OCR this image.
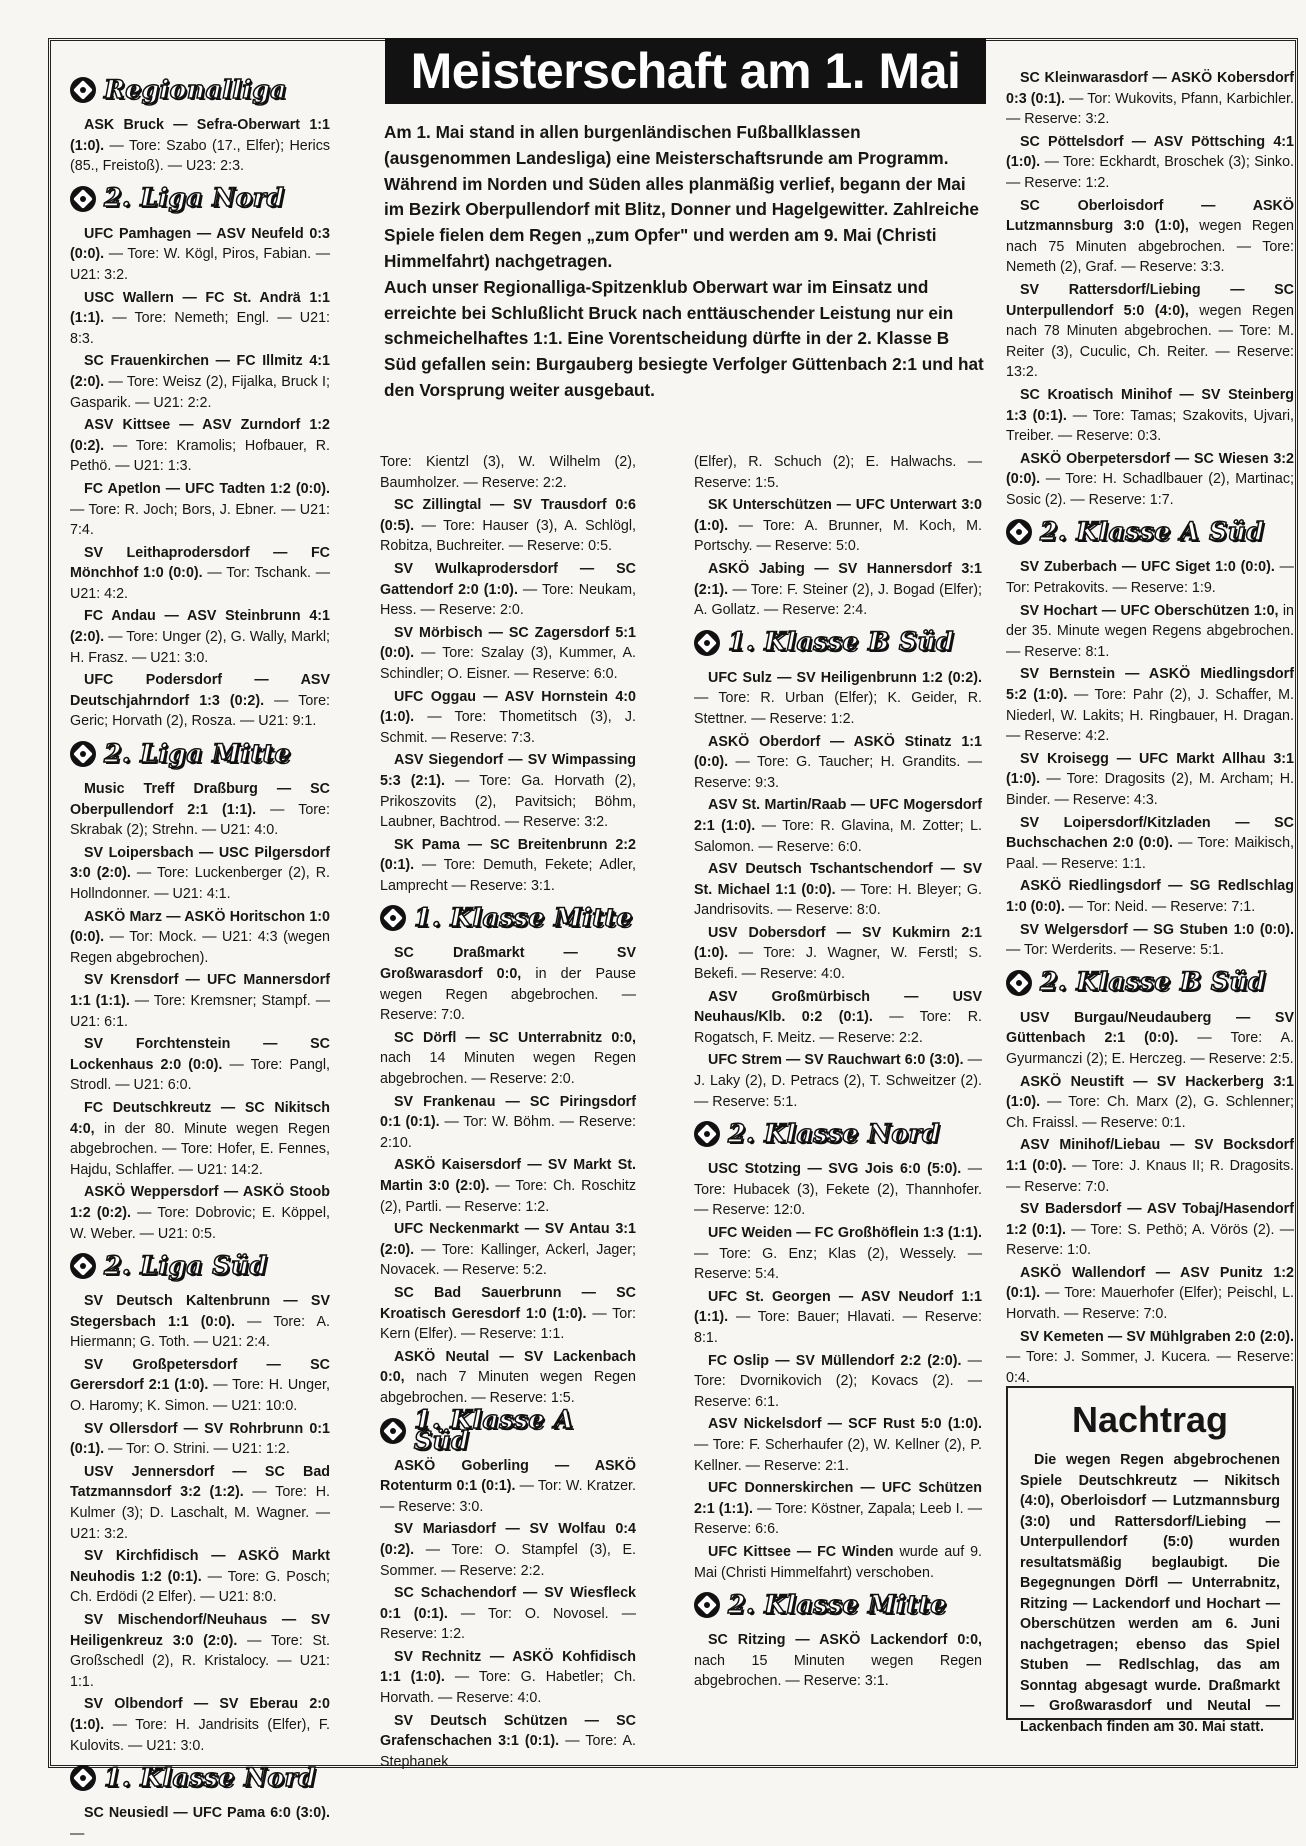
Meisterschaft am 1. Mai

Am 1. Mai stand in allen burgenländischen Fußballklassen (ausgenommen Landesliga) eine Meisterschaftsrunde am Programm. Während im Norden und Süden alles planmäßig verlief, begann der Mai im Bezirk Oberpullendorf mit Blitz, Donner und Hagelgewitter. Zahlreiche Spiele fielen dem Regen „zum Opfer" und werden am 9. Mai (Christi Himmelfahrt) nachgetragen.

Auch unser Regionalliga-Spitzenklub Oberwart war im Einsatz und erreichte bei Schlußlicht Bruck nach enttäuschender Leistung nur ein schmeichelhaftes 1:1. Eine Vorentscheidung dürfte in der 2. Klasse B Süd gefallen sein: Burgauberg besiegte Verfolger Güttenbach 2:1 und hat den Vorsprung weiter ausgebaut.

Regionalliga

ASK Bruck — Sefra-Oberwart 1:1 (1:0). — Tore: Szabo (17., Elfer); Herics (85., Freistoß). — U23: 2:3.

2. Liga Nord

UFC Pamhagen — ASV Neufeld 0:3 (0:0). — Tore: W. Kögl, Piros, Fabian. — U21: 3:2.

USC Wallern — FC St. Andrä 1:1 (1:1). — Tore: Nemeth; Engl. — U21: 8:3.

SC Frauenkirchen — FC Illmitz 4:1 (2:0). — Tore: Weisz (2), Fijalka, Bruck I; Gasparik. — U21: 2:2.

ASV Kittsee — ASV Zurndorf 1:2 (0:2). — Tore: Kramolis; Hofbauer, R. Pethö. — U21: 1:3.

FC Apetlon — UFC Tadten 1:2 (0:0). — Tore: R. Joch; Bors, J. Ebner. — U21: 7:4.

SV Leithaprodersdorf — FC Mönchhof 1:0 (0:0). — Tor: Tschank. — U21: 4:2.

FC Andau — ASV Steinbrunn 4:1 (2:0). — Tore: Unger (2), G. Wally, Markl; H. Frasz. — U21: 3:0.

UFC Podersdorf — ASV Deutschjahrndorf 1:3 (0:2). — Tore: Geric; Horvath (2), Rosza. — U21: 9:1.

2. Liga Mitte

Music Treff Draßburg — SC Oberpullendorf 2:1 (1:1). — Tore: Skrabak (2); Strehn. — U21: 4:0.

SV Loipersbach — USC Pilgersdorf 3:0 (2:0). — Tore: Luckenberger (2), R. Hollndonner. — U21: 4:1.

ASKÖ Marz — ASKÖ Horitschon 1:0 (0:0). — Tor: Mock. — U21: 4:3 (wegen Regen abgebrochen).

SV Krensdorf — UFC Mannersdorf 1:1 (1:1). — Tore: Kremsner; Stampf. — U21: 6:1.

SV Forchtenstein — SC Lockenhaus 2:0 (0:0). — Tore: Pangl, Strodl. — U21: 6:0.

FC Deutschkreutz — SC Nikitsch 4:0, in der 80. Minute wegen Regen abgebrochen. — Tore: Hofer, E. Fennes, Hajdu, Schlaffer. — U21: 14:2.

ASKÖ Weppersdorf — ASKÖ Stoob 1:2 (0:2). — Tore: Dobrovic; E. Köppel, W. Weber. — U21: 0:5.

2. Liga Süd

SV Deutsch Kaltenbrunn — SV Stegersbach 1:1 (0:0). — Tore: A. Hiermann; G. Toth. — U21: 2:4.

SV Großpetersdorf — SC Gerersdorf 2:1 (1:0). — Tore: H. Unger, O. Haromy; K. Simon. — U21: 10:0.

SV Ollersdorf — SV Rohrbrunn 0:1 (0:1). — Tor: O. Strini. — U21: 1:2.

USV Jennersdorf — SC Bad Tatzmannsdorf 3:2 (1:2). — Tore: H. Kulmer (3); D. Laschalt, M. Wagner. — U21: 3:2.

SV Kirchfidisch — ASKÖ Markt Neuhodis 1:2 (0:1). — Tore: G. Posch; Ch. Erdödi (2 Elfer). — U21: 8:0.

SV Mischendorf/Neuhaus — SV Heiligenkreuz 3:0 (2:0). — Tore: St. Großschedl (2), R. Kristalocy. — U21: 1:1.

SV Olbendorf — SV Eberau 2:0 (1:0). — Tore: H. Jandrisits (Elfer), F. Kulovits. — U21: 3:0.

1. Klasse Nord

SC Neusiedl — UFC Pama 6:0 (3:0). —

Tore: Kientzl (3), W. Wilhelm (2), Baumholzer. — Reserve: 2:2.

SC Zillingtal — SV Trausdorf 0:6 (0:5). — Tore: Hauser (3), A. Schlögl, Robitza, Buchreiter. — Reserve: 0:5.

SV Wulkaprodersdorf — SC Gattendorf 2:0 (1:0). — Tore: Neukam, Hess. — Reserve: 2:0.

SV Mörbisch — SC Zagersdorf 5:1 (0:0). — Tore: Szalay (3), Kummer, A. Schindler; O. Eisner. — Reserve: 6:0.

UFC Oggau — ASV Hornstein 4:0 (1:0). — Tore: Thometitsch (3), J. Schmit. — Reserve: 7:3.

ASV Siegendorf — SV Wimpassing 5:3 (2:1). — Tore: Ga. Horvath (2), Prikoszovits (2), Pavitsich; Böhm, Laubner, Bachtrod. — Reserve: 3:2.

SK Pama — SC Breitenbrunn 2:2 (0:1). — Tore: Demuth, Fekete; Adler, Lamprecht — Reserve: 3:1.

1. Klasse Mitte

SC Draßmarkt — SV Großwarasdorf 0:0, in der Pause wegen Regen abgebrochen. — Reserve: 7:0.

SC Dörfl — SC Unterrabnitz 0:0, nach 14 Minuten wegen Regen abgebrochen. — Reserve: 2:0.

SV Frankenau — SC Piringsdorf 0:1 (0:1). — Tor: W. Böhm. — Reserve: 2:10.

ASKÖ Kaisersdorf — SV Markt St. Martin 3:0 (2:0). — Tore: Ch. Roschitz (2), Partli. — Reserve: 1:2.

UFC Neckenmarkt — SV Antau 3:1 (2:0). — Tore: Kallinger, Ackerl, Jager; Novacek. — Reserve: 5:2.

SC Bad Sauerbrunn — SC Kroatisch Geresdorf 1:0 (1:0). — Tor: Kern (Elfer). — Reserve: 1:1.

ASKÖ Neutal — SV Lackenbach 0:0, nach 7 Minuten wegen Regen abgebrochen. — Reserve: 1:5.

1. Klasse A Süd

ASKÖ Goberling — ASKÖ Rotenturm 0:1 (0:1). — Tor: W. Kratzer. — Reserve: 3:0.

SV Mariasdorf — SV Wolfau 0:4 (0:2). — Tore: O. Stampfel (3), E. Sommer. — Reserve: 2:2.

SC Schachendorf — SV Wiesfleck 0:1 (0:1). — Tor: O. Novosel. — Reserve: 1:2.

SV Rechnitz — ASKÖ Kohfidisch 1:1 (1:0). — Tore: G. Habetler; Ch. Horvath. — Reserve: 4:0.

SV Deutsch Schützen — SC Grafenschachen 3:1 (0:1). — Tore: A. Stephanek

(Elfer), R. Schuch (2); E. Halwachs. — Reserve: 1:5.

SK Unterschützen — UFC Unterwart 3:0 (1:0). — Tore: A. Brunner, M. Koch, M. Portschy. — Reserve: 5:0.

ASKÖ Jabing — SV Hannersdorf 3:1 (2:1). — Tore: F. Steiner (2), J. Bogad (Elfer); A. Gollatz. — Reserve: 2:4.

1. Klasse B Süd

UFC Sulz — SV Heiligenbrunn 1:2 (0:2). — Tore: R. Urban (Elfer); K. Geider, R. Stettner. — Reserve: 1:2.

ASKÖ Oberdorf — ASKÖ Stinatz 1:1 (0:0). — Tore: G. Taucher; H. Grandits. — Reserve: 9:3.

ASV St. Martin/Raab — UFC Mogersdorf 2:1 (1:0). — Tore: R. Glavina, M. Zotter; L. Salomon. — Reserve: 6:0.

ASV Deutsch Tschantschendorf — SV St. Michael 1:1 (0:0). — Tore: H. Bleyer; G. Jandrisovits. — Reserve: 8:0.

USV Dobersdorf — SV Kukmirn 2:1 (1:0). — Tore: J. Wagner, W. Ferstl; S. Bekefi. — Reserve: 4:0.

ASV Großmürbisch — USV Neuhaus/Klb. 0:2 (0:1). — Tore: R. Rogatsch, F. Meitz. — Reserve: 2:2.

UFC Strem — SV Rauchwart 6:0 (3:0). — J. Laky (2), D. Petracs (2), T. Schweitzer (2). — Reserve: 5:1.

2. Klasse Nord

USC Stotzing — SVG Jois 6:0 (5:0). — Tore: Hubacek (3), Fekete (2), Thannhofer. — Reserve: 12:0.

UFC Weiden — FC Großhöflein 1:3 (1:1). — Tore: G. Enz; Klas (2), Wessely. — Reserve: 5:4.

UFC St. Georgen — ASV Neudorf 1:1 (1:1). — Tore: Bauer; Hlavati. — Reserve: 8:1.

FC Oslip — SV Müllendorf 2:2 (2:0). — Tore: Dvornikovich (2); Kovacs (2). — Reserve: 6:1.

ASV Nickelsdorf — SCF Rust 5:0 (1:0). — Tore: F. Scherhaufer (2), W. Kellner (2), P. Kellner. — Reserve: 2:1.

UFC Donnerskirchen — UFC Schützen 2:1 (1:1). — Tore: Köstner, Zapala; Leeb I. — Reserve: 6:6.

UFC Kittsee — FC Winden wurde auf 9. Mai (Christi Himmelfahrt) verschoben.

2. Klasse Mitte

SC Ritzing — ASKÖ Lackendorf 0:0, nach 15 Minuten wegen Regen abgebrochen. — Reserve: 3:1.

SC Kleinwarasdorf — ASKÖ Kobersdorf 0:3 (0:1). — Tor: Wukovits, Pfann, Karbichler. — Reserve: 3:2.

SC Pöttelsdorf — ASV Pöttsching 4:1 (1:0). — Tore: Eckhardt, Broschek (3); Sinko. — Reserve: 1:2.

SC Oberloisdorf — ASKÖ Lutzmannsburg 3:0 (1:0), wegen Regen nach 75 Minuten abgebrochen. — Tore: Nemeth (2), Graf. — Reserve: 3:3.

SV Rattersdorf/Liebing — SC Unterpullendorf 5:0 (4:0), wegen Regen nach 78 Minuten abgebrochen. — Tore: M. Reiter (3), Cuculic, Ch. Reiter. — Reserve: 13:2.

SC Kroatisch Minihof — SV Steinberg 1:3 (0:1). — Tore: Tamas; Szakovits, Ujvari, Treiber. — Reserve: 0:3.

ASKÖ Oberpetersdorf — SC Wiesen 3:2 (0:0). — Tore: H. Schadlbauer (2), Martinac; Sosic (2). — Reserve: 1:7.

2. Klasse A Süd

SV Zuberbach — UFC Siget 1:0 (0:0). — Tor: Petrakovits. — Reserve: 1:9.

SV Hochart — UFC Oberschützen 1:0, in der 35. Minute wegen Regens abgebrochen. — Reserve: 8:1.

SV Bernstein — ASKÖ Miedlingsdorf 5:2 (1:0). — Tore: Pahr (2), J. Schaffer, M. Niederl, W. Lakits; H. Ringbauer, H. Dragan. — Reserve: 4:2.

SV Kroisegg — UFC Markt Allhau 3:1 (1:0). — Tore: Dragosits (2), M. Archam; H. Binder. — Reserve: 4:3.

SV Loipersdorf/Kitzladen — SC Buchschachen 2:0 (0:0). — Tore: Maikisch, Paal. — Reserve: 1:1.

ASKÖ Riedlingsdorf — SG Redlschlag 1:0 (0:0). — Tor: Neid. — Reserve: 7:1.

SV Welgersdorf — SG Stuben 1:0 (0:0). — Tor: Werderits. — Reserve: 5:1.

2. Klasse B Süd

USV Burgau/Neudauberg — SV Güttenbach 2:1 (0:0). — Tore: A. Gyurmanczi (2); E. Herczeg. — Reserve: 2:5.

ASKÖ Neustift — SV Hackerberg 3:1 (1:0). — Tore: Ch. Marx (2), G. Schlenner; Ch. Fraissl. — Reserve: 0:1.

ASV Minihof/Liebau — SV Bocksdorf 1:1 (0:0). — Tore: J. Knaus II; R. Dragosits. — Reserve: 7:0.

SV Badersdorf — ASV Tobaj/Hasendorf 1:2 (0:1). — Tore: S. Pethö; A. Vörös (2). — Reserve: 1:0.

ASKÖ Wallendorf — ASV Punitz 1:2 (0:1). — Tore: Mauerhofer (Elfer); Peischl, L. Horvath. — Reserve: 7:0.

SV Kemeten — SV Mühlgraben 2:0 (2:0). — Tore: J. Sommer, J. Kucera. — Reserve: 0:4.

Nachtrag
Die wegen Regen abgebrochenen Spiele Deutschkreutz — Nikitsch (4:0), Oberloisdorf — Lutzmannsburg (3:0) und Rattersdorf/Liebing — Unterpullendorf (5:0) wurden resultatsmäßig beglaubigt. Die Begegnungen Dörfl — Unterrabnitz, Ritzing — Lackendorf und Hochart — Oberschützen werden am 6. Juni nachgetragen; ebenso das Spiel Stuben — Redlschlag, das am Sonntag abgesagt wurde. Draßmarkt — Großwarasdorf und Neutal — Lackenbach finden am 30. Mai statt.
